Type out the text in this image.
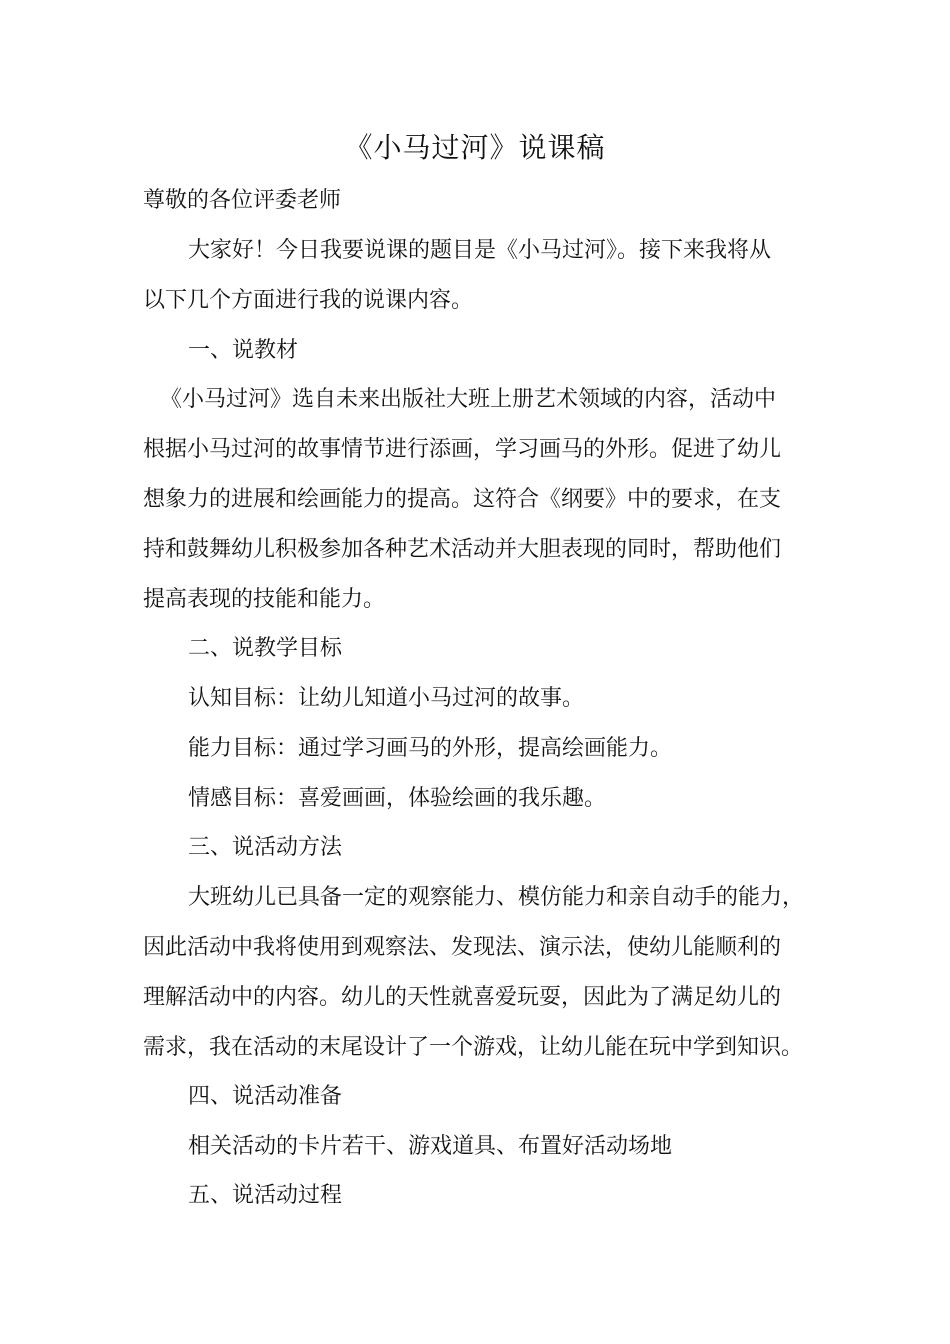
《小马过河》说课稿
尊敬的各位评委老师
大家好！今日我要说课的题目是《小马过河》。接下来我将从
以下几个方面进行我的说课内容。
一、说教材
《小马过河》选自未来出版社大班上册艺术领域的内容，活动中
根据小马过河的故事情节进行添画，学习画马的外形。促进了幼儿
想象力的进展和绘画能力的提高。这符合《纲要》中的要求，在支
持和鼓舞幼儿积极参加各种艺术活动并大胆表现的同时，帮助他们
提高表现的技能和能力。
二、说教学目标
认知目标：让幼儿知道小马过河的故事。
能力目标：通过学习画马的外形，提高绘画能力。
情感目标：喜爱画画，体验绘画的我乐趣。
三、说活动方法
大班幼儿已具备一定的观察能力、模仿能力和亲自动手的能力，
因此活动中我将使用到观察法、发现法、演示法，使幼儿能顺利的
理解活动中的内容。幼儿的天性就喜爱玩耍，因此为了满足幼儿的
需求，我在活动的末尾设计了一个游戏，让幼儿能在玩中学到知识。
四、说活动准备
相关活动的卡片若干、游戏道具、布置好活动场地
五、说活动过程
